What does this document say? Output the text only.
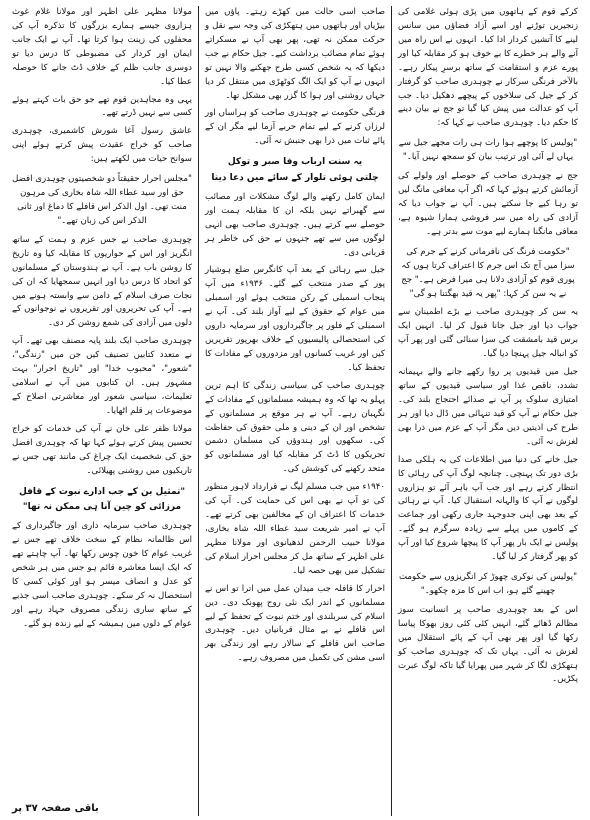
کرکے قوم کے ہاتھوں میں پڑی ہوئی غلامی کی زنجیریں توڑنے اور اسے آزاد فضاؤں میں سانس لینے کا آتشیں کردار ادا کیا۔ انہوں نے اس راہ میں آنے والے ہر خطرے کا بے خوف ہو کر مقابلہ کیا اور پورے عزم و استقامت کے ساتھ برسرِ پیکار رہے۔ بالآخر فرنگی سرکار نے چوہدری صاحب کو گرفتار کر کے جیل کی سلاخوں کے پیچھے دھکیل دیا۔ جب آپ کو عدالت میں پیش کیا گیا تو جج نے بیان دینے کا حکم دیا۔ چوہدری صاحب نے کہا کہ:

"پولیس کا پوچھے ہوا رات ہی رات مجھے جیل سے یہاں لے آئی اور ترتیب بیان کو سمجھ نہیں آیا۔"

جج نے چوہدری صاحب کے حوصلے اور ولولے کی آزمائش کرتے ہوئے کہا کہ اگر آپ معافی مانگ لیں تو رہا کیے جا سکتے ہیں۔ آپ نے جواب دیا کہ آزادی کی راہ میں سر فروشی ہمارا شیوہ ہے، معافی مانگنا ہمارے لیے موت سے بدتر ہے۔

"حکومت فرنگ کی نافرمانی کرنے کے جرم کی سزا میں آج تک اس جرم کا اعتراف کرتا ہوں کہ پوری قوم کو آزادی دلانا ہی میرا فرض ہے۔" جج نے یہ سن کر کہا: "پھر یہ قید بھگتنا ہو گی"

یہ سن کر چوہدری صاحب نے بڑے اطمینان سے جواب دیا اور جیل جانا قبول کر لیا۔ انہیں ایک برس قید بامشقت کی سزا سنائی گئی اور پھر آپ کو انبالہ جیل پہنچا دیا گیا۔

جیل میں قیدیوں پر روا رکھے جانے والے بہیمانہ تشدد، ناقص غذا اور سیاسی قیدیوں کے ساتھ امتیازی سلوک پر آپ نے صدائے احتجاج بلند کی۔ جیل حکام نے آپ کو قید تنہائی میں ڈال دیا اور ہر طرح کی اذیتیں دیں مگر آپ کے عزم میں ذرا بھی لغزش نہ آئی۔

جیل خانے کی دنیا میں اطلاعات کی یہ ہلکی صدا بڑی دور تک پہنچی۔ چنانچہ لوگ آپ کی رہائی کا انتظار کرتے رہے اور جب آپ باہر آئے تو ہزاروں لوگوں نے آپ کا والہانہ استقبال کیا۔ آپ نے رہائی کے بعد بھی اپنی جدوجہد جاری رکھی اور جماعت کے کاموں میں پہلے سے زیادہ سرگرم ہو گئے۔ پولیس نے ایک بار پھر آپ کا پیچھا شروع کیا اور آپ کو پھر گرفتار کر لیا گیا۔

"پولیس کی نوکری چھوڑ کر انگریزوں سے حکومت چھینے گئے ہو، اب اس کا مزہ چکھو۔"

اس کے بعد چوہدری صاحب پر انسانیت سوز مظالم ڈھائے گئے، انہیں کئی کئی روز بھوکا پیاسا رکھا گیا اور پھر بھی آپ کے پائے استقلال میں لغزش نہ آئی۔ یہاں تک کہ چوہدری صاحب کو ہتھکڑی لگا کر شہر میں پھرایا گیا تاکہ لوگ عبرت پکڑیں۔

صاحب اسی حالت میں کھڑے رہتے۔ پاؤں میں بیڑیاں اور ہاتھوں میں ہتھکڑی کی وجہ سے نقل و حرکت ممکن نہ تھی، پھر بھی آپ نے مسکراتے ہوئے تمام مصائب برداشت کیے۔ جیل حکام نے جب دیکھا کہ یہ شخص کسی طرح جھکنے والا نہیں تو انہوں نے آپ کو ایک الگ کوٹھڑی میں منتقل کر دیا جہاں روشنی اور ہوا کا گزر بھی مشکل تھا۔

فرنگی حکومت نے چوہدری صاحب کو ہراساں اور لرزاں کرنے کے لیے تمام حربے آزما لیے مگر ان کے پائے ثبات میں ذرا بھی جنبش نہ آئی۔

یہ سنت ارباب وفا صبر و توکل
چلتی ہوئی تلوار کے سائے میں دعا دینا

ایمان کامل رکھنے والے لوگ مشکلات اور مصائب سے گھبراتے نہیں بلکہ ان کا مقابلہ ہمت اور حوصلے سے کرتے ہیں۔ چوہدری صاحب بھی انہی لوگوں میں سے تھے جنہوں نے حق کی خاطر ہر قربانی دی۔

جیل سے رہائی کے بعد آپ کانگرس ضلع ہوشیار پور کے صدر منتخب کیے گئے۔ ۱۹۳۶ء میں آپ پنجاب اسمبلی کے رکن منتخب ہوئے اور اسمبلی میں عوام کے حقوق کے لیے آواز بلند کی۔ آپ نے اسمبلی کے فلور پر جاگیرداروں اور سرمایہ داروں کی استحصالی پالیسیوں کے خلاف بھرپور تقریریں کیں اور غریب کسانوں اور مزدوروں کے مفادات کا تحفظ کیا۔

چوہدری صاحب کی سیاسی زندگی کا اہم ترین پہلو یہ تھا کہ وہ ہمیشہ مسلمانوں کے مفادات کے نگہبان رہے۔ آپ نے ہر موقع پر مسلمانوں کے تشخص اور ان کے دینی و ملی حقوق کی حفاظت کی۔ سکھوں اور ہندوؤں کی مسلمان دشمن تحریکوں کا ڈٹ کر مقابلہ کیا اور مسلمانوں کو متحد رکھنے کی کوشش کی۔

۱۹۴۰ء میں جب مسلم لیگ نے قرارداد لاہور منظور کی تو آپ نے بھی اس کی حمایت کی۔ آپ کی خدمات کا اعتراف ان کے مخالفین بھی کرتے تھے۔ آپ نے امیر شریعت سید عطاء اللہ شاہ بخاری، مولانا حبیب الرحمن لدھیانوی اور مولانا مظہر علی اظہر کے ساتھ مل کر مجلس احرار اسلام کی تشکیل میں بھی حصہ لیا۔

احرار کا قافلہ جب میدان عمل میں اترا تو اس نے مسلمانوں کے اندر ایک نئی روح پھونک دی۔ دین اسلام کی سربلندی اور ختم نبوت کے تحفظ کے لیے اس قافلے نے بے مثال قربانیاں دیں۔ چوہدری صاحب اس قافلے کے سالار رہے اور زندگی بھر اسی مشن کی تکمیل میں مصروف رہے۔

مولانا مظہر علی اظہر اور مولانا غلام غوث ہزاروی جیسے ہمارے بزرگوں کا تذکرہ آپ کی محفلوں کی زینت ہوا کرتا تھا۔ آپ نے ایک جانب ایمان اور کردار کی مضبوطی کا درس دیا تو دوسری جانب ظلم کے خلاف ڈٹ جانے کا حوصلہ عطا کیا۔

یہی وہ مجاہدین قوم تھے جو حق بات کہتے ہوئے کسی سے نہیں ڈرتے تھے۔

عاشق رسول آغا شورش کاشمیری، چوہدری صاحب کو خراج عقیدت پیش کرتے ہوئے اپنی سوانح حیات میں لکھتے ہیں:

"مجلس احرار حقیقتاً دو شخصیتوں چوہدری افضل حق اور سید عطاء اللہ شاہ بخاری کی مرہون منت تھی۔ اول الذکر اس قافلے کا دماغ اور ثانی الذکر اس کی زبان تھے۔"

چوہدری صاحب نے جس عزم و ہمت کے ساتھ انگریز اور اس کے حواریوں کا مقابلہ کیا وہ تاریخ کا روشن باب ہے۔ آپ نے ہندوستان کے مسلمانوں کو اتحاد کا درس دیا اور انہیں سمجھایا کہ ان کی نجات صرف اسلام کے دامن سے وابستہ ہونے میں ہے۔ آپ کی تحریروں اور تقریروں نے نوجوانوں کے دلوں میں آزادی کی شمع روشن کر دی۔

چوہدری صاحب ایک بلند پایہ مصنف بھی تھے۔ آپ نے متعدد کتابیں تصنیف کیں جن میں "زندگی"، "شعور"، "محبوب خدا" اور "تاریخ احرار" بہت مشہور ہیں۔ ان کتابوں میں آپ نے اسلامی تعلیمات، سیاسی شعور اور معاشرتی اصلاح کے موضوعات پر قلم اٹھایا۔

مولانا ظفر علی خان نے آپ کی خدمات کو خراج تحسین پیش کرتے ہوئے کہا تھا کہ چوہدری افضل حق کی شخصیت ایک چراغ کی مانند تھی جس نے تاریکیوں میں روشنی پھیلائی۔

"تمثیل بن کے جب ادارے نبوت کے قافل
مرزائی کو چین آنا ہی ممکن نہ تھا"

چوہدری صاحب سرمایہ داری اور جاگیرداری کے اس ظالمانہ نظام کے سخت خلاف تھے جس نے غریب عوام کا خون چوس رکھا تھا۔ آپ چاہتے تھے کہ ایک ایسا معاشرہ قائم ہو جس میں ہر شخص کو عدل و انصاف میسر ہو اور کوئی کسی کا استحصال نہ کر سکے۔ چوہدری صاحب اسی جذبے کے ساتھ ساری زندگی مصروف جہاد رہے اور عوام کے دلوں میں ہمیشہ کے لیے زندہ ہو گئے۔

باقی صفحہ ۳۷ پر
